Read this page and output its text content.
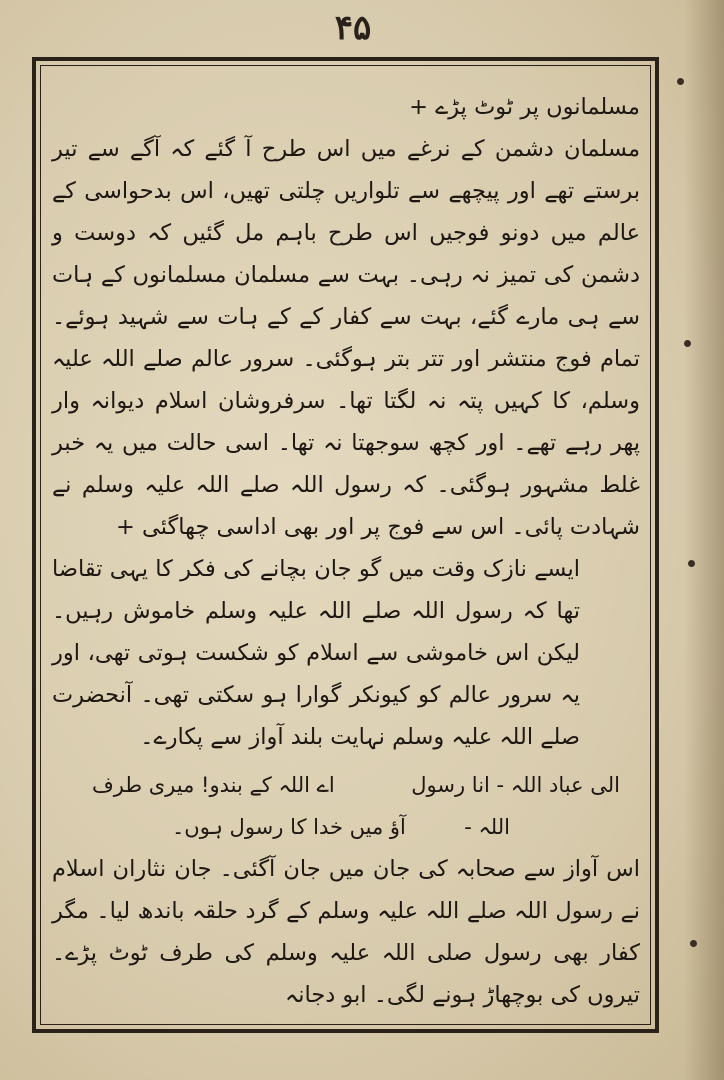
۴۵

مسلمانوں پر ٹوٹ پڑے +

مسلمان دشمن کے نرغے میں اس طرح آ گئے کہ آگے سے تیر برستے تھے اور پیچھے سے تلواریں چلتی تھیں، اس بدحواسی کے عالم میں دونو فوجیں اس طرح باہم مل گئیں کہ دوست و دشمن کی تمیز نہ رہی۔ بہت سے مسلمان مسلمانوں کے ہات سے ہی مارے گئے، بہت سے کفار کے کے ہات سے شہید ہوئے۔ تمام فوج منتشر اور تتر بتر ہوگئی۔ سرور عالم صلے اللہ علیہ وسلم، کا کہیں پتہ نہ لگتا تھا۔ سرفروشان اسلام دیوانہ وار پھر رہے تھے۔ اور کچھ سوجھتا نہ تھا۔ اسی حالت میں یہ خبر غلط مشہور ہوگئی۔ کہ رسول اللہ صلے اللہ علیہ وسلم نے شہادت پائی۔ اس سے فوج پر اور بھی اداسی چھاگئی +

ایسے نازک وقت میں گو جان بچانے کی فکر کا یہی تقاضا تھا کہ رسول اللہ صلے اللہ علیہ وسلم خاموش رہیں۔ لیکن اس خاموشی سے اسلام کو شکست ہوتی تھی، اور یہ سرور عالم کو کیونکر گوارا ہو سکتی تھی۔ آنحضرت صلے اللہ علیہ وسلم نہایت بلند آواز سے پکارے۔

الی عباد اللہ - انا رسول
اے اللہ کے بندو! میری طرف
اللہ -
آؤ میں خدا کا رسول ہوں۔

اس آواز سے صحابہ کی جان میں جان آگئی۔ جان نثاران اسلام نے رسول اللہ صلے اللہ علیہ وسلم کے گرد حلقہ باندھ لیا۔ مگر کفار بھی رسول صلی اللہ علیہ وسلم کی طرف ٹوٹ پڑے۔ تیروں کی بوچھاڑ ہونے لگی۔ ابو دجانہ
